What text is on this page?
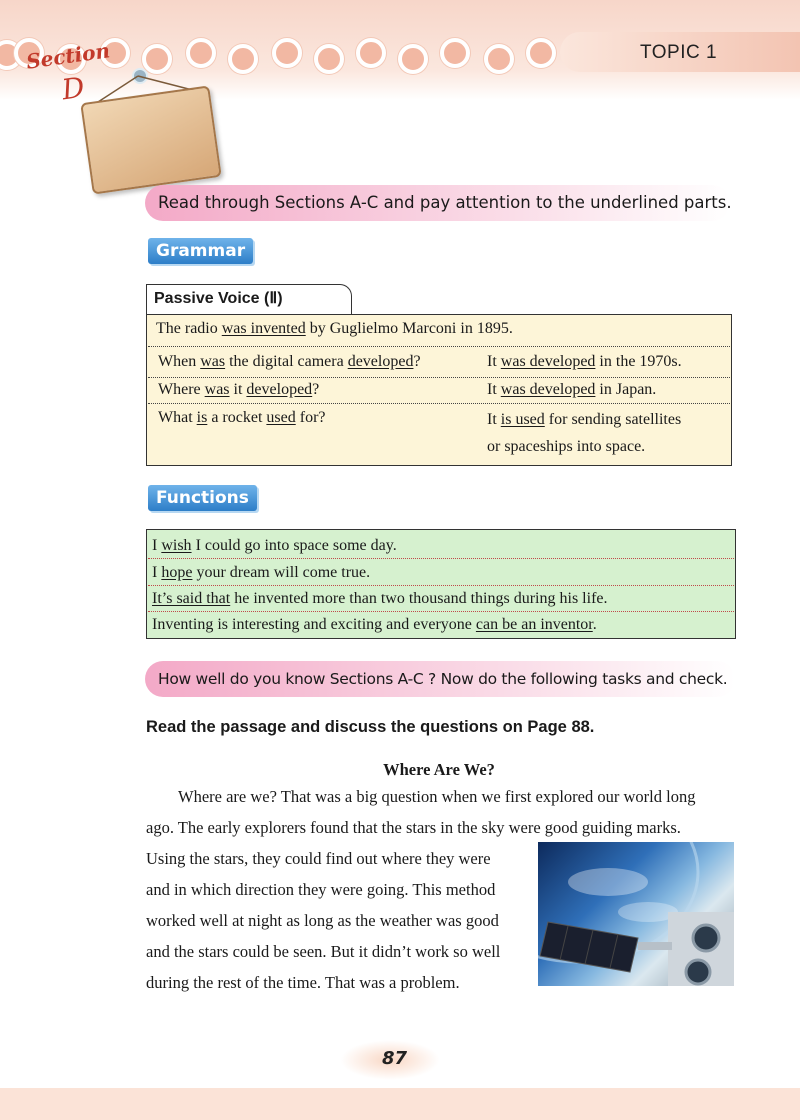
TOPIC 1
Section
D
Read through Sections A-C and pay attention to the underlined parts.
Grammar
Passive Voice (Ⅱ)
The radio was invented by Guglielmo Marconi in 1895.
When was the digital camera developed?	It was developed in the 1970s.
Where was it developed?	It was developed in Japan.
What is a rocket used for?	It is used for sending satellites
or spaceships into space.
Functions
I wish I could go into space some day.
I hope your dream will come true.
It’s said that he invented more than two thousand things during his life.
Inventing is interesting and exciting and everyone can be an inventor.
How well do you know Sections A-C ? Now do the following tasks and check.
Read the passage and discuss the questions on Page 88.
Where Are We?
Where are we? That was a big question when we first explored our world long
ago. The early explorers found that the stars in the sky were good guiding marks.
Using the stars, they could find out where they were
and in which direction they were going. This method
worked well at night as long as the weather was good
and the stars could be seen. But it didn’t work so well
during the rest of the time. That was a problem.
87
